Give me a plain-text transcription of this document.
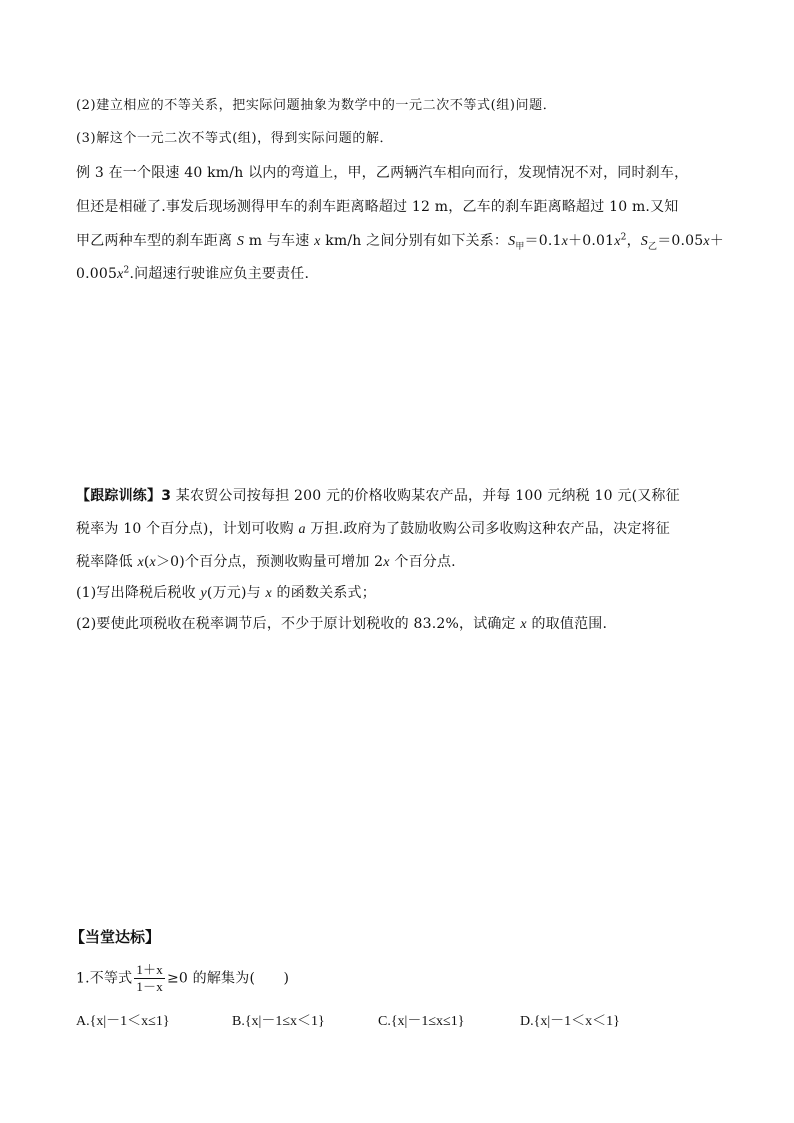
(2)建立相应的不等关系，把实际问题抽象为数学中的一元二次不等式(组)问题．
(3)解这个一元二次不等式(组)，得到实际问题的解．
例 3 在一个限速 40 km/h 以内的弯道上，甲，乙两辆汽车相向而行，发现情况不对，同时刹车，
但还是相碰了.事发后现场测得甲车的刹车距离略超过 12 m，乙车的刹车距离略超过 10 m.又知
甲乙两种车型的刹车距离 S m 与车速 x km/h 之间分别有如下关系：$S_甲=0.1x+0.01x^2$，$S_乙=0.05x+$
$0.005x^2$.问超速行驶谁应负主要责任.
【跟踪训练】3 某农贸公司按每担 200 元的价格收购某农产品，并每 100 元纳税 10 元(又称征
税率为 10 个百分点)，计划可收购 a 万担.政府为了鼓励收购公司多收购这种农产品，决定将征
税率降低 x(x＞0)个百分点，预测收购量可增加 2x 个百分点.
(1)写出降税后税收 y(万元)与 x 的函数关系式；
(2)要使此项税收在税率调节后，不少于原计划税收的 83.2%，试确定 x 的取值范围.
【当堂达标】
1.不等式 $\frac{1+x}{1-x} \ge 0$ 的解集为(　　)
A.{x|－1＜x≤1}	B.{x|－1≤x＜1}	C.{x|－1≤x≤1}	D.{x|－1＜x＜1}
